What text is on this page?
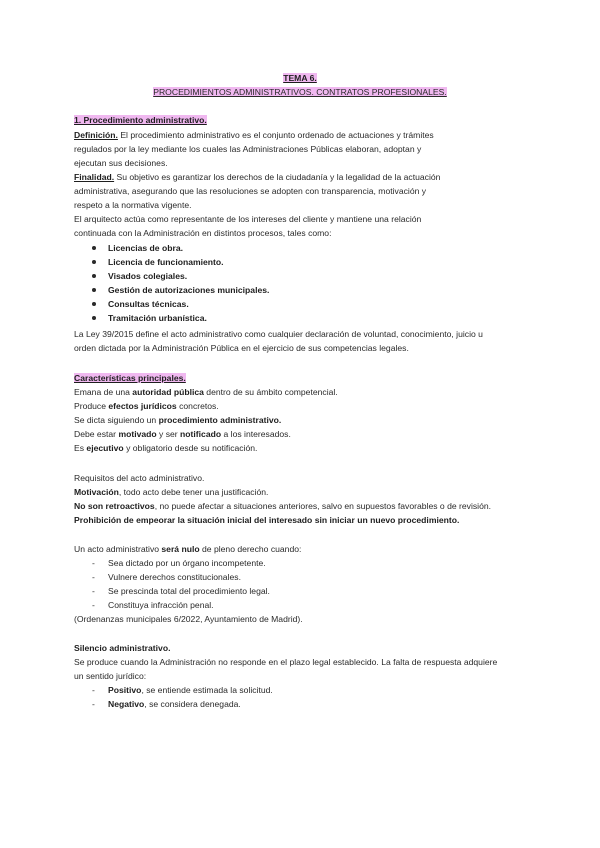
TEMA 6.
PROCEDIMIENTOS ADMINISTRATIVOS. CONTRATOS PROFESIONALES.
1. Procedimiento administrativo.
Definición. El procedimiento administrativo es el conjunto ordenado de actuaciones y trámites
regulados por la ley mediante los cuales las Administraciones Públicas elaboran, adoptan y
ejecutan sus decisiones.
Finalidad. Su objetivo es garantizar los derechos de la ciudadanía y la legalidad de la actuación
administrativa, asegurando que las resoluciones se adopten con transparencia, motivación y
respeto a la normativa vigente.
El arquitecto actúa como representante de los intereses del cliente y mantiene una relación
continuada con la Administración en distintos procesos, tales como:
Licencias de obra.
Licencia de funcionamiento.
Visados colegiales.
Gestión de autorizaciones municipales.
Consultas técnicas.
Tramitación urbanística.
La Ley 39/2015 define el acto administrativo como cualquier declaración de voluntad, conocimiento, juicio u
orden dictada por la Administración Pública en el ejercicio de sus competencias legales.
Características principales.
Emana de una autoridad pública dentro de su ámbito competencial.
Produce efectos jurídicos concretos.
Se dicta siguiendo un procedimiento administrativo.
Debe estar motivado y ser notificado a los interesados.
Es ejecutivo y obligatorio desde su notificación.
Requisitos del acto administrativo.
Motivación, todo acto debe tener una justificación.
No son retroactivos, no puede afectar a situaciones anteriores, salvo en supuestos favorables o de revisión.
Prohibición de empeorar la situación inicial del interesado sin iniciar un nuevo procedimiento.
Un acto administrativo será nulo de pleno derecho cuando:
- Sea dictado por un órgano incompetente.
- Vulnere derechos constitucionales.
- Se prescinda total del procedimiento legal.
- Constituya infracción penal.
(Ordenanzas municipales 6/2022, Ayuntamiento de Madrid).
Silencio administrativo.
Se produce cuando la Administración no responde en el plazo legal establecido. La falta de respuesta adquiere
un sentido jurídico:
- Positivo, se entiende estimada la solicitud.
- Negativo, se considera denegada.
